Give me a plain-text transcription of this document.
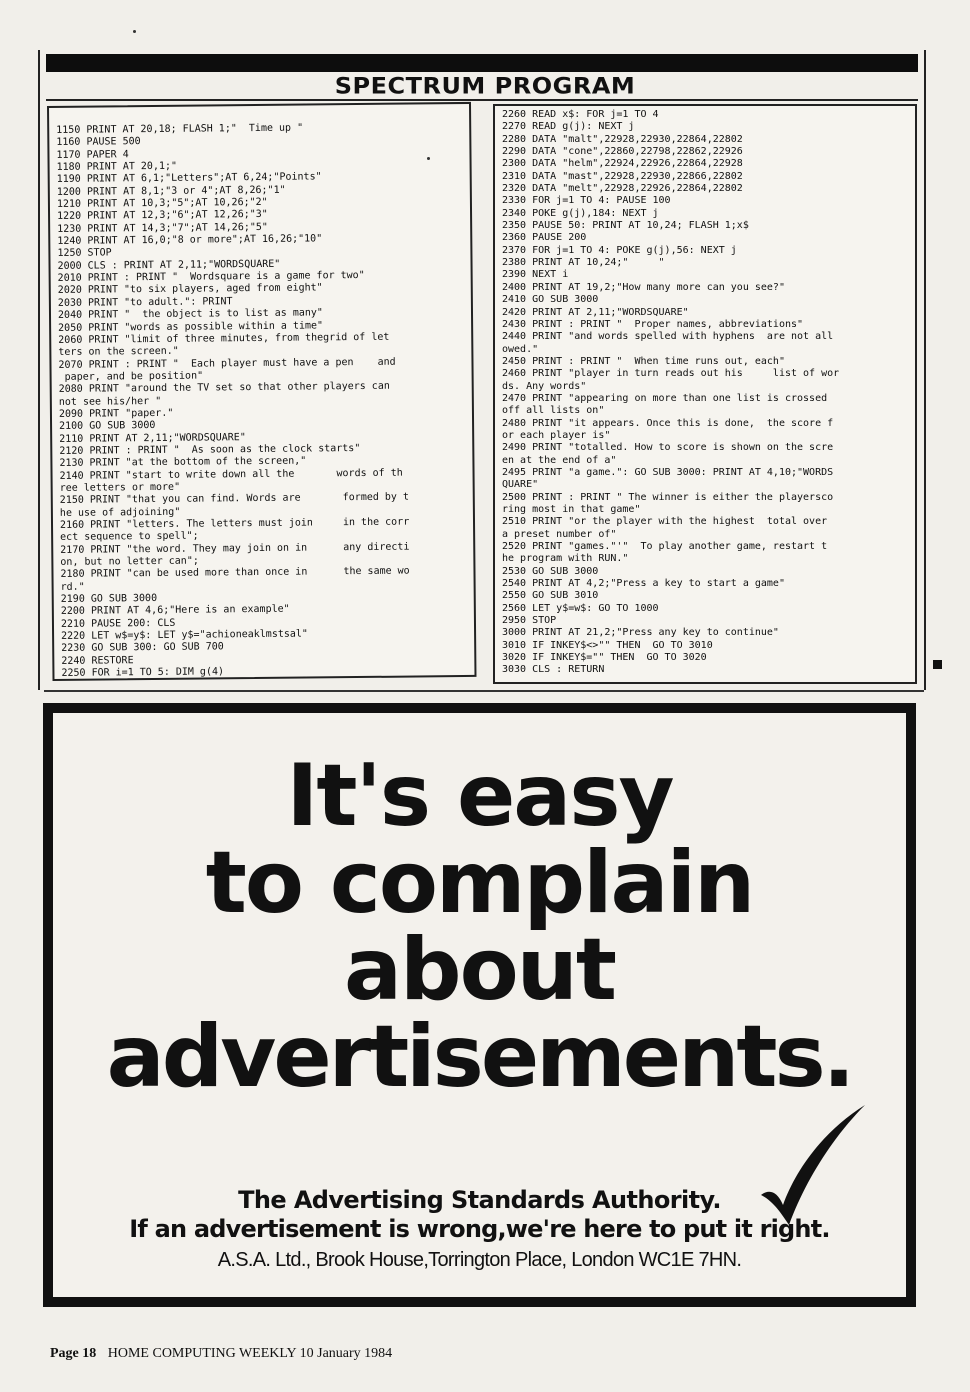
SPECTRUM PROGRAM
1150 PRINT AT 20,18; FLASH 1;"  Time up "
1160 PAUSE 500
1170 PAPER 4
1180 PRINT AT 20,1;"
1190 PRINT AT 6,1;"Letters";AT 6,24;"Points"
1200 PRINT AT 8,1;"3 or 4";AT 8,26;"1"
1210 PRINT AT 10,3;"5";AT 10,26;"2"
1220 PRINT AT 12,3;"6";AT 12,26;"3"
1230 PRINT AT 14,3;"7";AT 14,26;"5"
1240 PRINT AT 16,0;"8 or more";AT 16,26;"10"
1250 STOP
2000 CLS : PRINT AT 2,11;"WORDSQUARE"
2010 PRINT : PRINT "  Wordsquare is a game for two"
2020 PRINT "to six players, aged from eight"
2030 PRINT "to adult.": PRINT
2040 PRINT "  the object is to list as many"
2050 PRINT "words as possible within a time"
2060 PRINT "limit of three minutes, from thegrid of let
ters on the screen."
2070 PRINT : PRINT "  Each player must have a pen    and
paper, and be position"
2080 PRINT "around the TV set so that other players can
not see his/her "
2090 PRINT "paper."
2100 GO SUB 3000
2110 PRINT AT 2,11;"WORDSQUARE"
2120 PRINT : PRINT "  As soon as the clock starts"
2130 PRINT "at the bottom of the screen,"
2140 PRINT "start to write down all the       words of th
ree letters or more"
2150 PRINT "that you can find. Words are       formed by t
he use of adjoining"
2160 PRINT "letters. The letters must join     in the corr
ect sequence to spell";
2170 PRINT "the word. They may join on in      any directi
on, but no letter can";
2180 PRINT "can be used more than once in      the same wo
rd."
2190 GO SUB 3000
2200 PRINT AT 4,6;"Here is an example"
2210 PAUSE 200: CLS
2220 LET w$=y$: LET y$="achioneaklmstsal"
2230 GO SUB 300: GO SUB 700
2240 RESTORE
2250 FOR i=1 TO 5: DIM g(4)
2260 READ x$: FOR j=1 TO 4
2270 READ g(j): NEXT j
2280 DATA "malt",22928,22930,22864,22802
2290 DATA "cone",22860,22798,22862,22926
2300 DATA "helm",22924,22926,22864,22928
2310 DATA "mast",22928,22930,22866,22802
2320 DATA "melt",22928,22926,22864,22802
2330 FOR j=1 TO 4: PAUSE 100
2340 POKE g(j),184: NEXT j
2350 PAUSE 50: PRINT AT 10,24; FLASH 1;x$
2360 PAUSE 200
2370 FOR j=1 TO 4: POKE g(j),56: NEXT j
2380 PRINT AT 10,24;"     "
2390 NEXT i
2400 PRINT AT 19,2;"How many more can you see?"
2410 GO SUB 3000
2420 PRINT AT 2,11;"WORDSQUARE"
2430 PRINT : PRINT "  Proper names, abbreviations"
2440 PRINT "and words spelled with hyphens  are not all
owed."
2450 PRINT : PRINT "  When time runs out, each"
2460 PRINT "player in turn reads out his     list of wor
ds. Any words"
2470 PRINT "appearing on more than one list is crossed
off all lists on"
2480 PRINT "it appears. Once this is done,  the score f
or each player is"
2490 PRINT "totalled. How to score is shown on the scre
en at the end of a"
2495 PRINT "a game.": GO SUB 3000: PRINT AT 4,10;"WORDS
QUARE"
2500 PRINT : PRINT " The winner is either the playersco
ring most in that game"
2510 PRINT "or the player with the highest  total over
a preset number of"
2520 PRINT "games."'"  To play another game, restart t
he program with RUN."
2530 GO SUB 3000
2540 PRINT AT 4,2;"Press a key to start a game"
2550 GO SUB 3010
2560 LET y$=w$: GO TO 1000
2950 STOP
3000 PRINT AT 21,2;"Press any key to continue"
3010 IF INKEY$<>"" THEN  GO TO 3010
3020 IF INKEY$="" THEN  GO TO 3020
3030 CLS : RETURN
It's easy
to complain
about
advertisements.
The Advertising Standards Authority.
If an advertisement is wrong,we're here to put it right.
A.S.A. Ltd., Brook House,Torrington Place, London WC1E 7HN.
Page 18 HOME COMPUTING WEEKLY 10 January 1984
